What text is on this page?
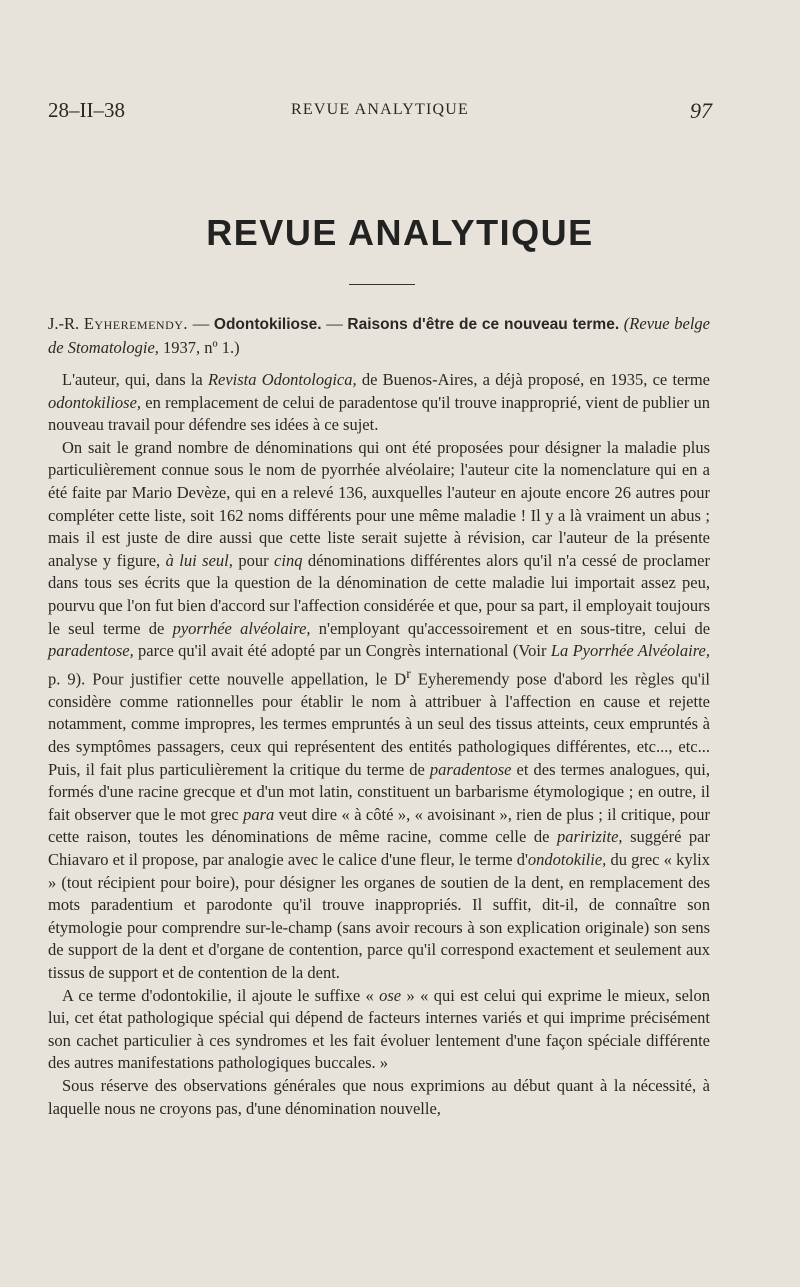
28–II–38	REVUE ANALYTIQUE	97
REVUE ANALYTIQUE
J.-R. Eyheremendy. — Odontokiliose. — Raisons d'être de ce nouveau terme. (Revue belge de Stomatologie, 1937, nº 1.)

L'auteur, qui, dans la Revista Odontologica, de Buenos-Aires, a déjà proposé, en 1935, ce terme odontokiliose, en remplacement de celui de paradentose qu'il trouve inapproprié, vient de publier un nouveau travail pour défendre ses idées à ce sujet.

On sait le grand nombre de dénominations qui ont été proposées pour désigner la maladie plus particulièrement connue sous le nom de pyorrhée alvéolaire; l'auteur cite la nomenclature qui en a été faite par Mario Devèze, qui en a relevé 136, auxquelles l'auteur en ajoute encore 26 autres pour compléter cette liste, soit 162 noms différents pour une même maladie ! Il y a là vraiment un abus ; mais il est juste de dire aussi que cette liste serait sujette à révision, car l'auteur de la présente analyse y figure, à lui seul, pour cinq dénominations différentes alors qu'il n'a cessé de proclamer dans tous ses écrits que la question de la dénomination de cette maladie lui importait assez peu, pourvu que l'on fut bien d'accord sur l'affection considérée et que, pour sa part, il employait toujours le seul terme de pyorrhée alvéolaire, n'employant qu'accessoirement et en sous-titre, celui de paradentose, parce qu'il avait été adopté par un Congrès international (Voir La Pyorrhée Alvéolaire, p. 9). Pour justifier cette nouvelle appellation, le $D^r$ Eyheremendy pose d'abord les règles qu'il considère comme rationnelles pour établir le nom à attribuer à l'affection en cause et rejette notamment, comme impropres, les termes empruntés à un seul des tissus atteints, ceux empruntés à des symptômes passagers, ceux qui représentent des entités pathologiques différentes, etc..., etc... Puis, il fait plus particulièrement la critique du terme de paradentose et des termes analogues, qui, formés d'une racine grecque et d'un mot latin, constituent un barbarisme étymologique ; en outre, il fait observer que le mot grec para veut dire « à côté », « avoisinant », rien de plus ; il critique, pour cette raison, toutes les dénominations de même racine, comme celle de paririzite, suggéré par Chiavaro et il propose, par analogie avec le calice d'une fleur, le terme d'ondotokilie, du grec « kylix » (tout récipient pour boire), pour désigner les organes de soutien de la dent, en remplacement des mots paradentium et parodonte qu'il trouve inappropriés. Il suffit, dit-il, de connaître son étymologie pour comprendre sur-le-champ (sans avoir recours à son explication originale) son sens de support de la dent et d'organe de contention, parce qu'il correspond exactement et seulement aux tissus de support et de contention de la dent.

A ce terme d'odontokilie, il ajoute le suffixe « ose » « qui est celui qui exprime le mieux, selon lui, cet état pathologique spécial qui dépend de facteurs internes variés et qui imprime précisément son cachet particulier à ces syndromes et les fait évoluer lentement d'une façon spéciale différente des autres manifestations pathologiques buccales. »

Sous réserve des observations générales que nous exprimions au début quant à la nécessité, à laquelle nous ne croyons pas, d'une dénomination nouvelle,
